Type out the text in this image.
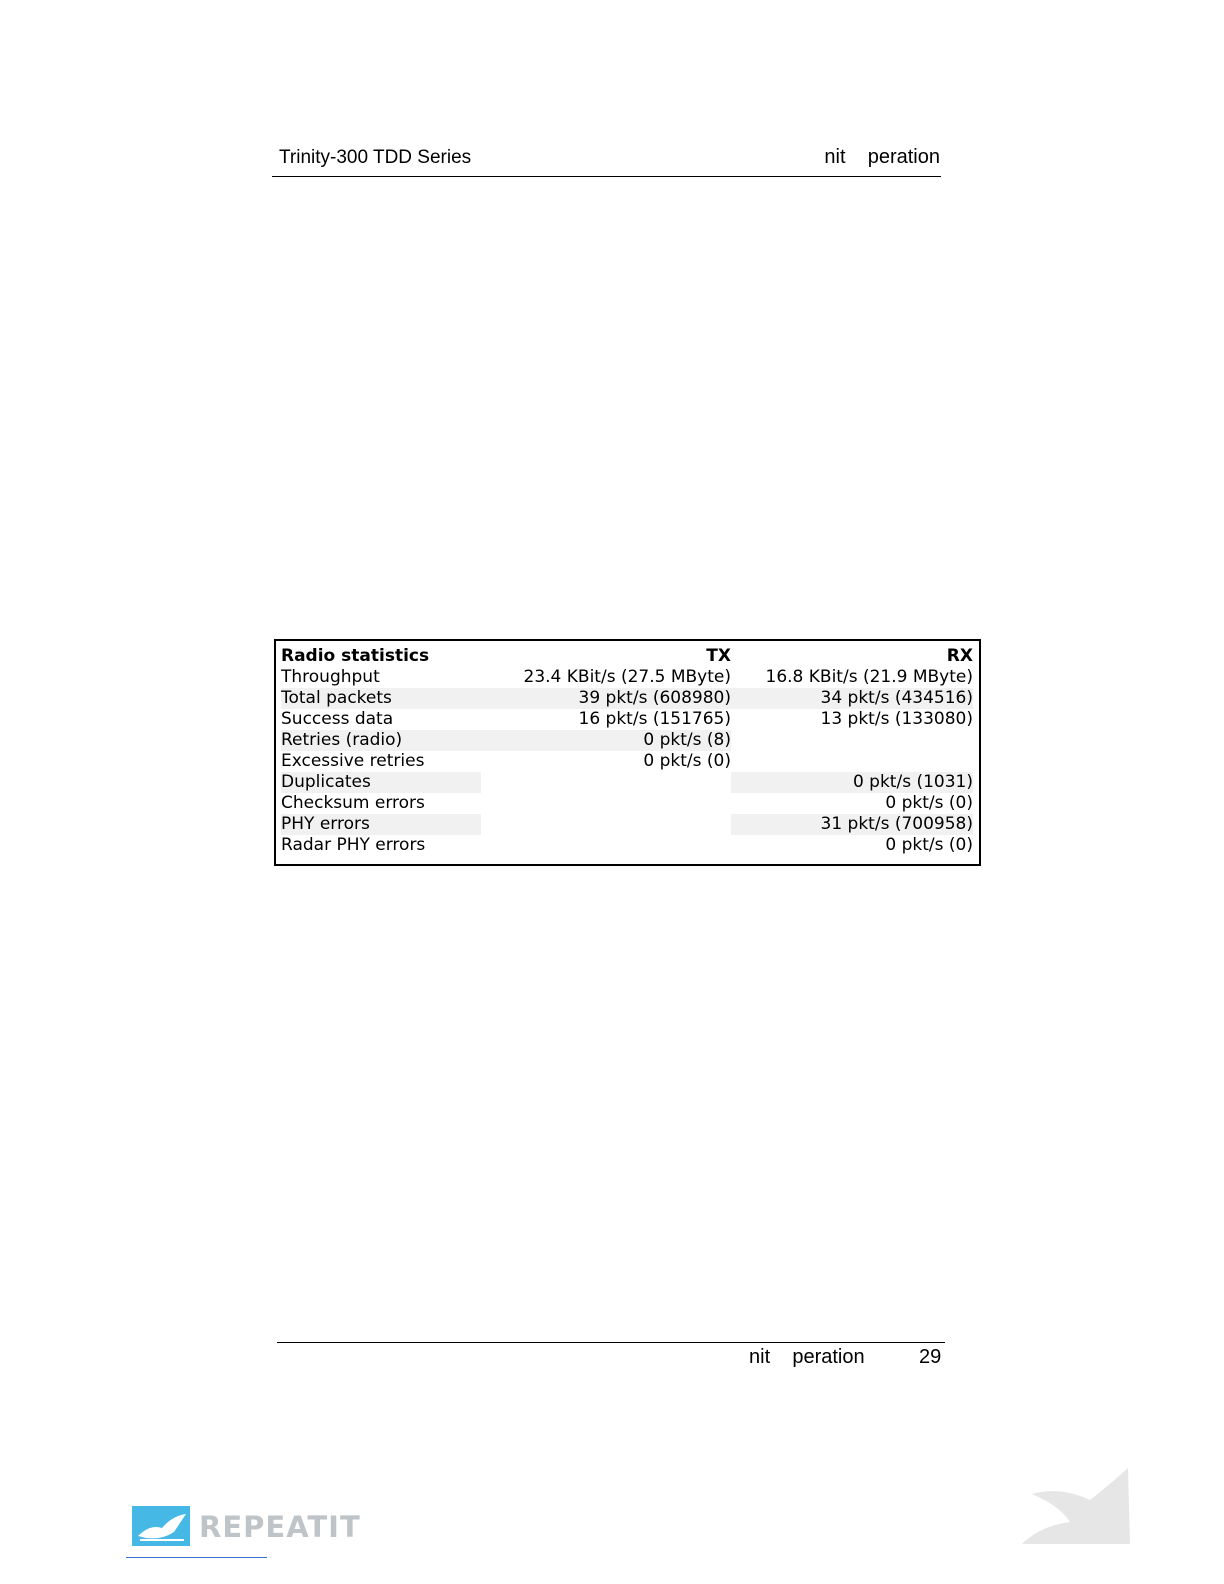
Trinity-300 TDD Series	nit    peration
Radio statistics	TX	RX
Throughput	23.4 KBit/s (27.5 MByte)	16.8 KBit/s (21.9 MByte)
Total packets	39 pkt/s (608980)	34 pkt/s (434516)
Success data	16 pkt/s (151765)	13 pkt/s (133080)
Retries (radio)	0 pkt/s (8)	
Excessive retries	0 pkt/s (0)	
Duplicates		0 pkt/s (1031)
Checksum errors		0 pkt/s (0)
PHY errors		31 pkt/s (700958)
Radar PHY errors		0 pkt/s (0)
nit    peration	29
REPEATIT
